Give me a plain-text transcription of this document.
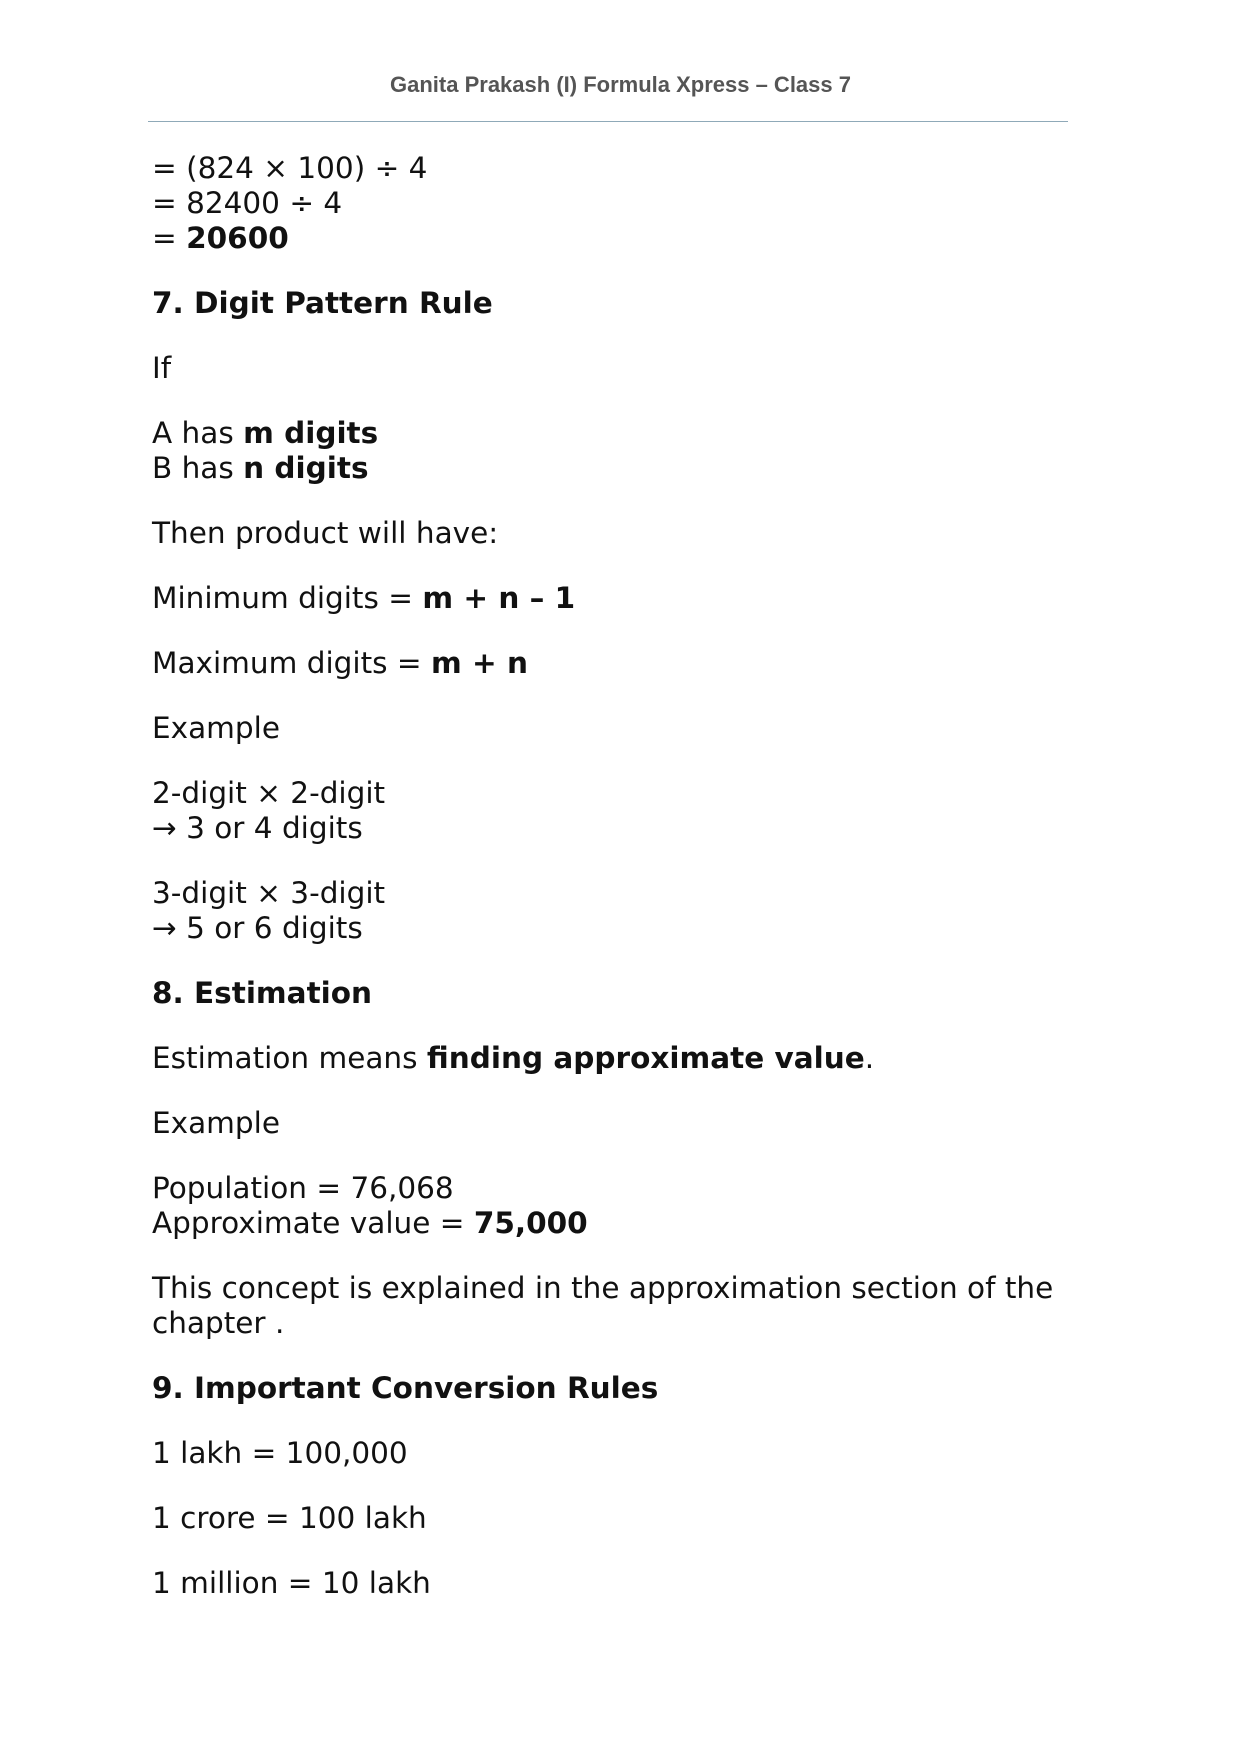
Ganita Prakash (I) Formula Xpress – Class 7

= (824 × 100) ÷ 4
= 82400 ÷ 4
= 20600

7. Digit Pattern Rule

If

A has m digits
B has n digits

Then product will have:

Minimum digits = m + n – 1

Maximum digits = m + n

Example

2-digit × 2-digit
→ 3 or 4 digits

3-digit × 3-digit
→ 5 or 6 digits

8. Estimation

Estimation means finding approximate value.

Example

Population = 76,068
Approximate value = 75,000

This concept is explained in the approximation section of the chapter .

9. Important Conversion Rules

1 lakh = 100,000

1 crore = 100 lakh

1 million = 10 lakh
